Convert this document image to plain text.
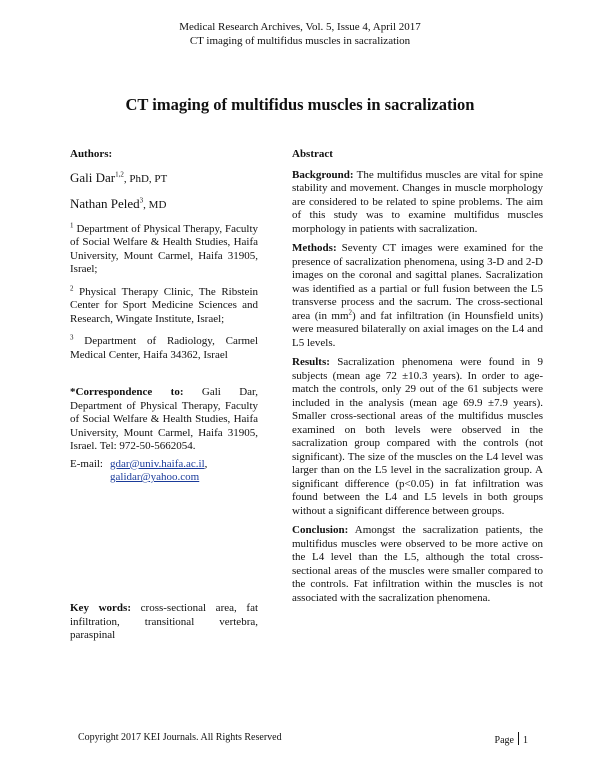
Medical Research Archives, Vol. 5, Issue 4, April 2017
CT imaging of multifidus muscles in sacralization
CT imaging of multifidus muscles in sacralization

Authors:

Gali Dar$^{1,2}$, PhD, PT

Nathan Peled$^3$, MD

$^1$ Department of Physical Therapy, Faculty of Social Welfare & Health Studies, Haifa University, Mount Carmel, Haifa 31905, Israel;

$^2$ Physical Therapy Clinic, The Ribstein Center for Sport Medicine Sciences and Research, Wingate Institute, Israel;

$^3$ Department of Radiology, Carmel Medical Center, Haifa 34362, Israel

*Correspondence to: Gali Dar, Department of Physical Therapy, Faculty of Social Welfare & Health Studies, Haifa University, Mount Carmel, Haifa 31905, Israel. Tel: 972-50-5662054.

E-mail: gdar@univ.haifa.ac.il,
galidar@yahoo.com

Key words: cross-sectional area, fat infiltration, transitional vertebra, paraspinal

Abstract

Background: The multifidus muscles are vital for spine stability and movement. Changes in muscle morphology are considered to be related to spine problems. The aim of this study was to examine multifidus muscles morphology in patients with sacralization.

Methods: Seventy CT images were examined for the presence of sacralization phenomena, using 3-D and 2-D images on the coronal and sagittal planes. Sacralization was identified as a partial or full fusion between the L5 transverse process and the sacrum. The cross-sectional area (in $mm^2$) and fat infiltration (in Hounsfield units) were measured bilaterally on axial images on the L4 and L5 levels.

Results: Sacralization phenomena were found in 9 subjects (mean age 72 ±10.3 years). In order to age-match the controls, only 29 out of the 61 subjects were included in the analysis (mean age 69.9 ±7.9 years). Smaller cross-sectional areas of the multifidus muscles examined on both levels were observed in the sacralization group compared with the controls (not significant). The size of the muscles on the L4 level was larger than on the L5 level in the sacralization group. A significant difference (p<0.05) in fat infiltration was found between the L4 and L5 levels in both groups without a significant difference between groups.

Conclusion: Amongst the sacralization patients, the multifidus muscles were observed to be more active on the L4 level than the L5, although the total cross-sectional areas of the muscles were smaller compared to the controls. Fat infiltration within the muscles is not associated with the sacralization phenomena.

Copyright 2017 KEI Journals. All Rights Reserved	Page 1
